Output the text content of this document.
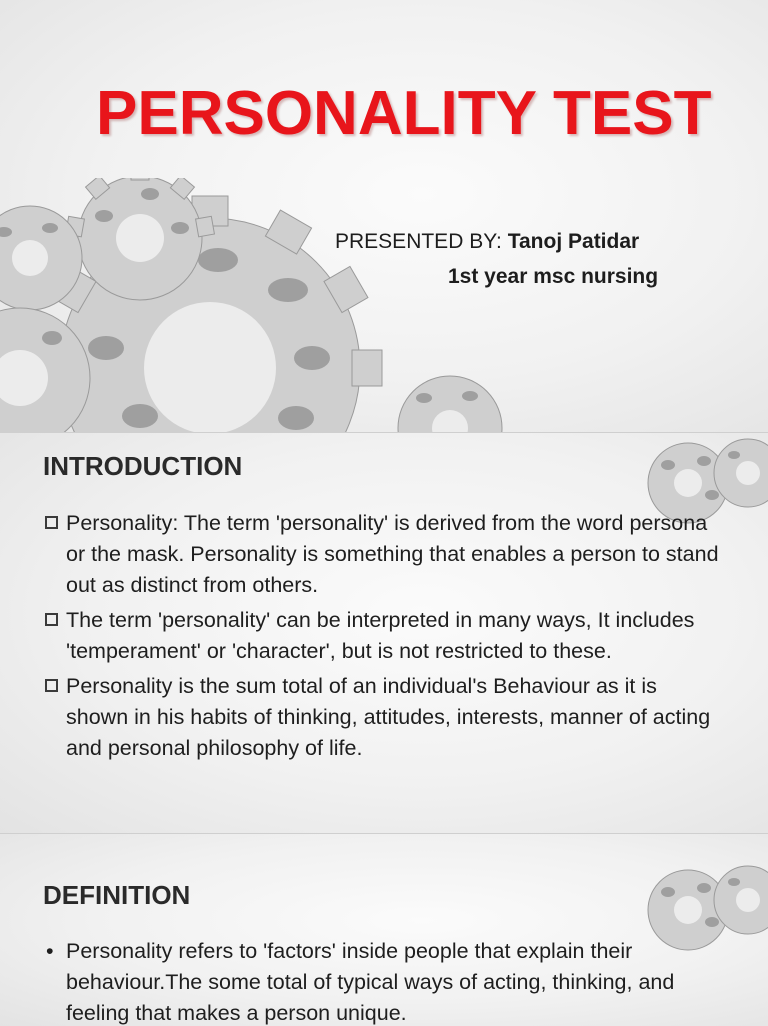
PERSONALITY TEST
PRESENTED BY: Tanoj Patidar
1st year msc nursing
INTRODUCTION
Personality: The term 'personality' is derived from the word persona or the mask. Personality is something that enables a person to stand out as distinct from others.
The term 'personality' can be interpreted in many ways, It includes 'temperament' or 'character', but is not restricted to these.
Personality is the sum total of an individual's Behaviour as it is shown in his habits of thinking, attitudes, interests, manner of acting and personal philosophy of life.
DEFINITION
• Personality refers to 'factors' inside people that explain their behaviour.The some total of typical ways of acting, thinking, and feeling that makes a person unique.
